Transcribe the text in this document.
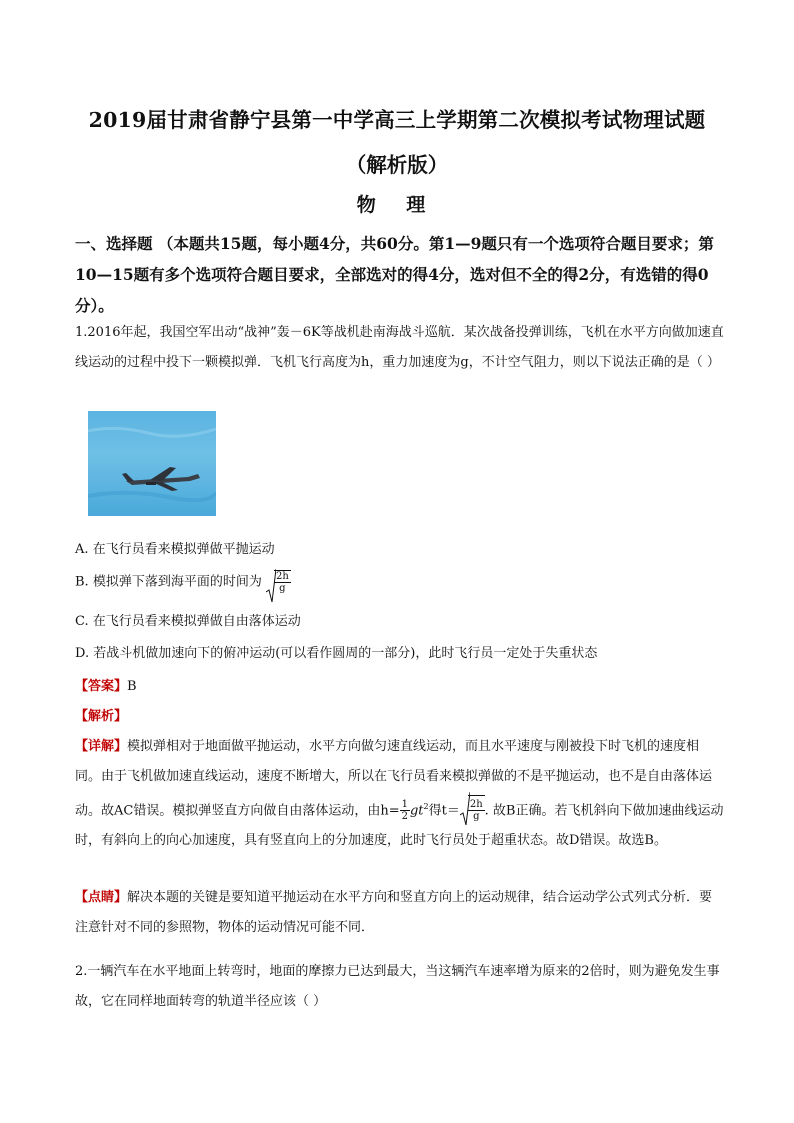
2019届甘肃省静宁县第一中学高三上学期第二次模拟考试物理试题
（解析版）
物 理
一、选择题 （本题共15题，每小题4分，共60分。第1—9题只有一个选项符合题目要求；第10—15题有多个选项符合题目要求，全部选对的得4分，选对但不全的得2分，有选错的得0分）。
1.2016年起，我国空军出动“战神”轰－6K等战机赴南海战斗巡航．某次战备投弹训练，飞机在水平方向做加速直线运动的过程中投下一颗模拟弹．飞机飞行高度为h，重力加速度为g，不计空气阻力，则以下说法正确的是（ ）
A. 在飞行员看来模拟弹做平抛运动
B. 模拟弹下落到海平面的时间为 $\frac{2h}{g}$
C. 在飞行员看来模拟弹做自由落体运动
D. 若战斗机做加速向下的俯冲运动(可以看作圆周的一部分)，此时飞行员一定处于失重状态
【答案】B
【解析】
【详解】模拟弹相对于地面做平抛运动，水平方向做匀速直线运动，而且水平速度与刚被投下时飞机的速度相同。由于飞机做加速直线运动，速度不断增大，所以在飞行员看来模拟弹做的不是平抛运动，也不是自由落体运动。故AC错误。模拟弹竖直方向做自由落体运动，由$h= \frac{1}{2} gt^2$得$t= \frac{2h}{g}$ . 故B正确。若飞机斜向下做加速曲线运动时，有斜向上的向心加速度，具有竖直向上的分加速度，此时飞行员处于超重状态。故D错误。故选B。
【点睛】解决本题的关键是要知道平抛运动在水平方向和竖直方向上的运动规律，结合运动学公式列式分析．要注意针对不同的参照物，物体的运动情况可能不同．
2.一辆汽车在水平地面上转弯时，地面的摩擦力已达到最大，当这辆汽车速率增为原来的2倍时，则为避免发生事故，它在同样地面转弯的轨道半径应该（ ）
